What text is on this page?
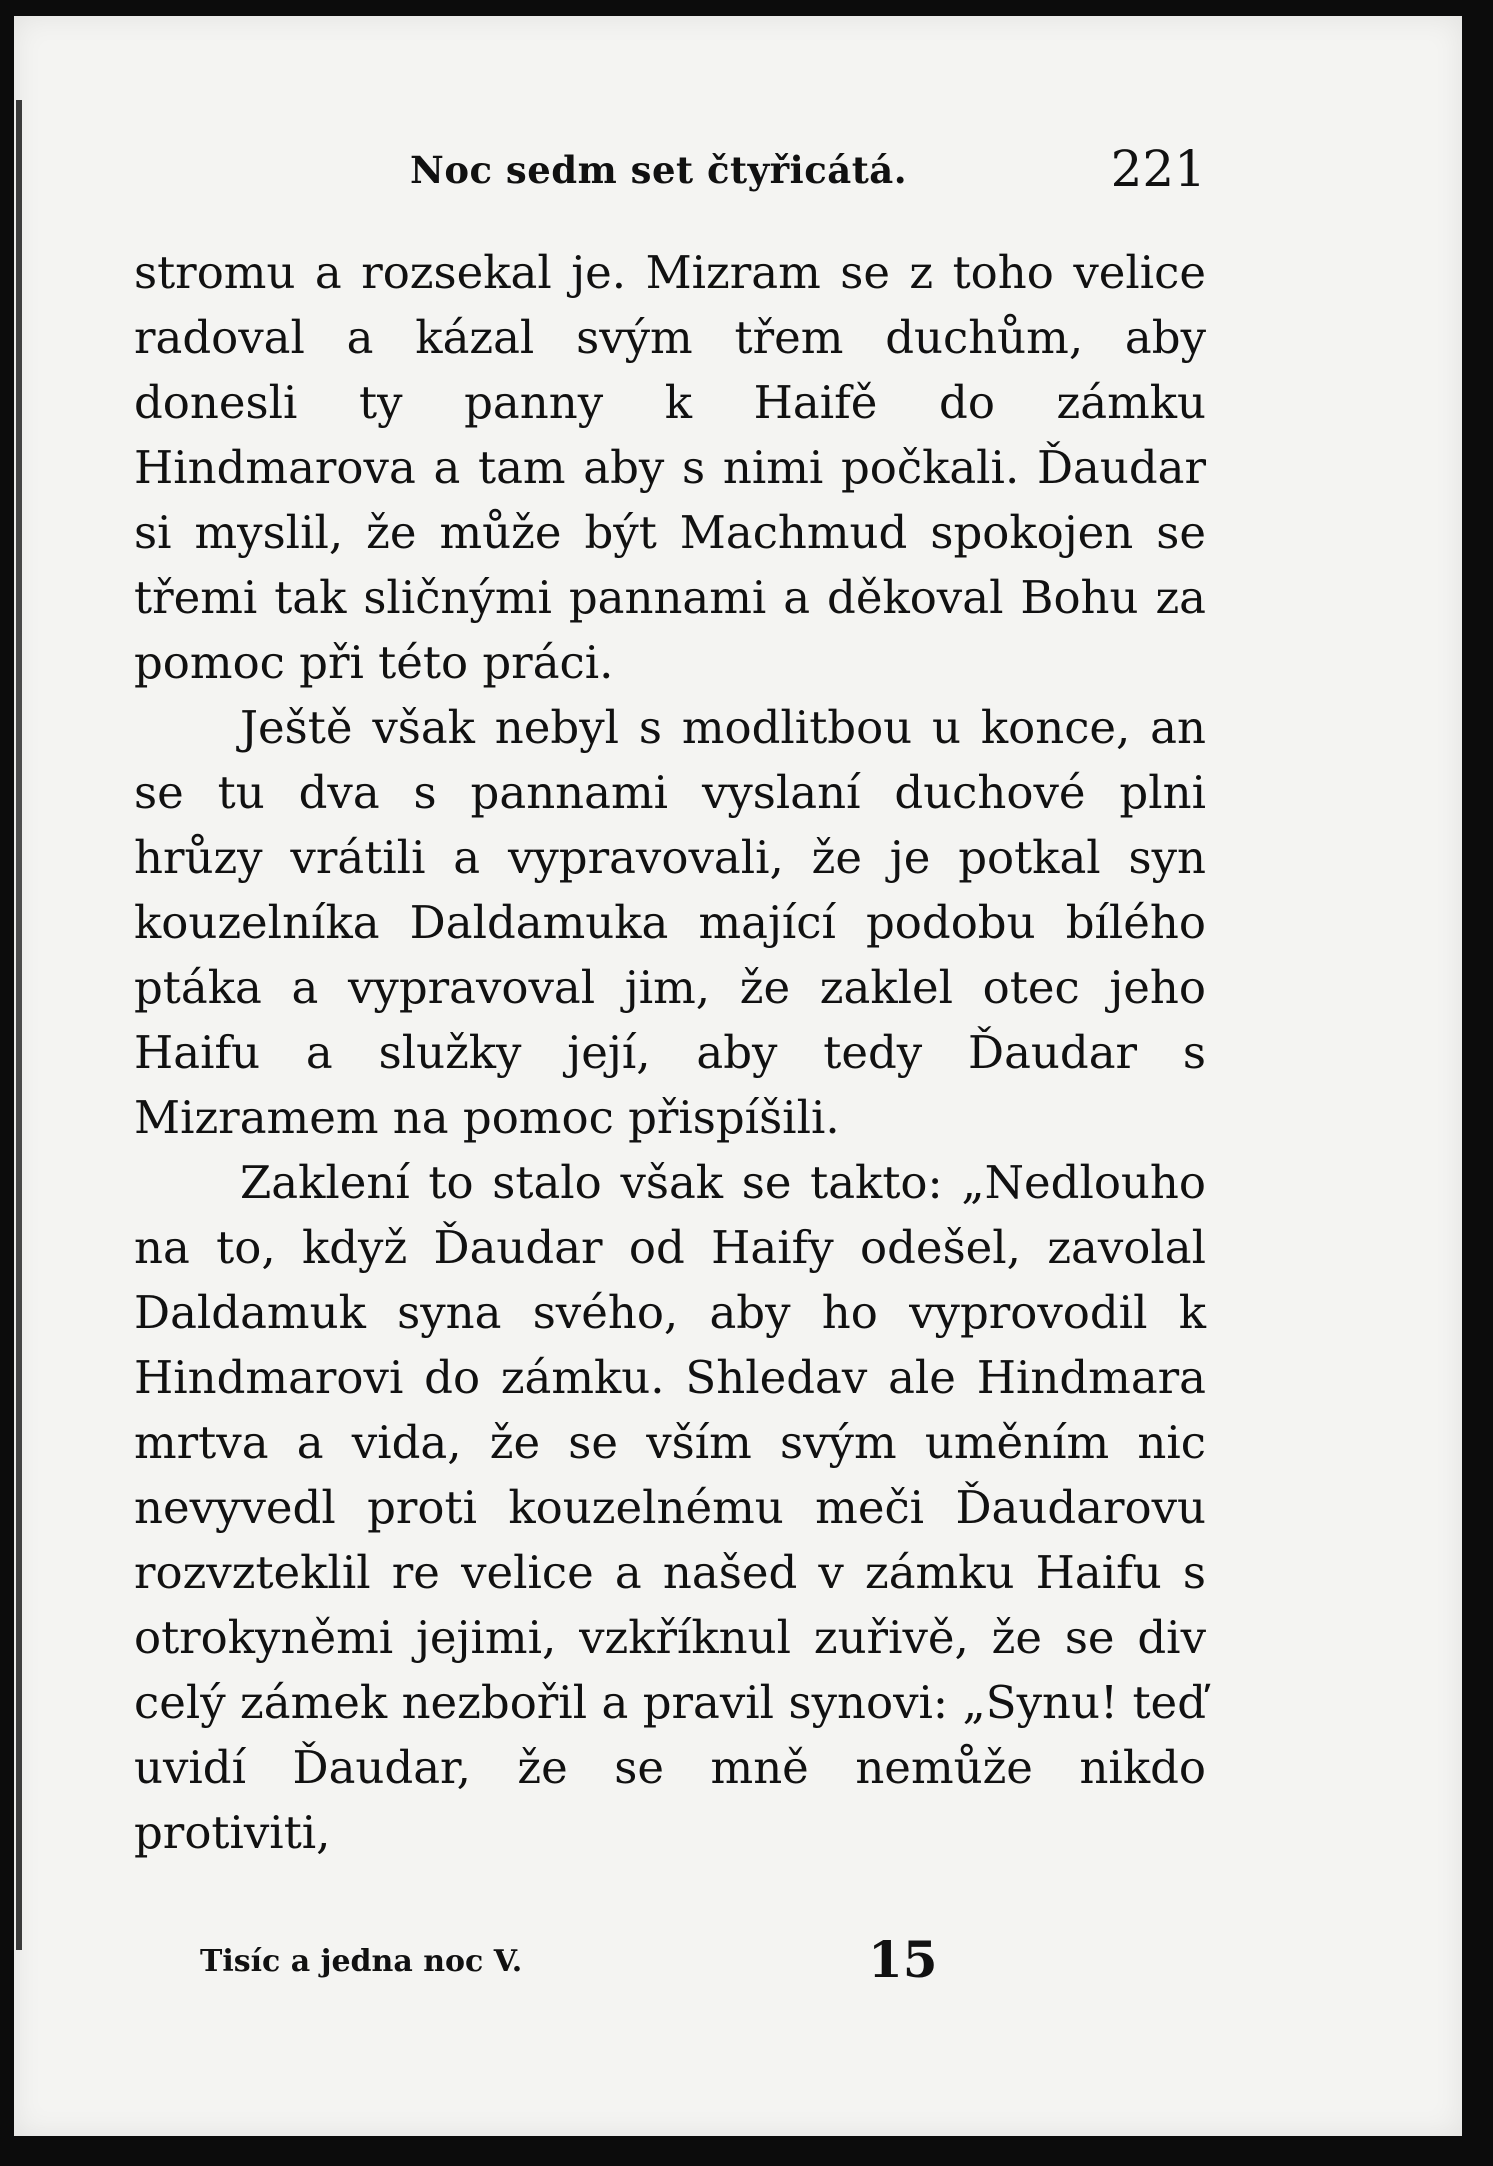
Noc sedm set čtyřicátá.	221

stromu a rozsekal je. Mizram se z toho velice radoval a kázal svým třem duchům, aby donesli ty panny k Haifě do zámku Hindmarova a tam aby s nimi počkali. Ďaudar si myslil, že může být Machmud spokojen se třemi tak sličnými pannami a děkoval Bohu za pomoc při této práci.

Ještě však nebyl s modlitbou u konce, an se tu dva s pannami vyslaní duchové plni hrůzy vrátili a vypravovali, že je potkal syn kouzelníka Daldamuka mající podobu bílého ptáka a vypravoval jim, že zaklel otec jeho Haifu a služky její, aby tedy Ďaudar s Mizramem na pomoc přispíšili.

Zaklení to stalo však se takto: „Nedlouho na to, když Ďaudar od Haify odešel, zavolal Daldamuk syna svého, aby ho vyprovodil k Hindmarovi do zámku. Shledav ale Hindmara mrtva a vida, že se vším svým uměním nic nevyvedl proti kouzelnému meči Ďaudarovu rozvzteklil re velice a našed v zámku Haifu s otrokyněmi jejimi, vzkříknul zuřivě, že se div celý zámek nezbořil a pravil synovi: „Synu! teď uvidí Ďaudar, že se mně nemůže nikdo protiviti,

Tisíc a jedna noc V.	15
